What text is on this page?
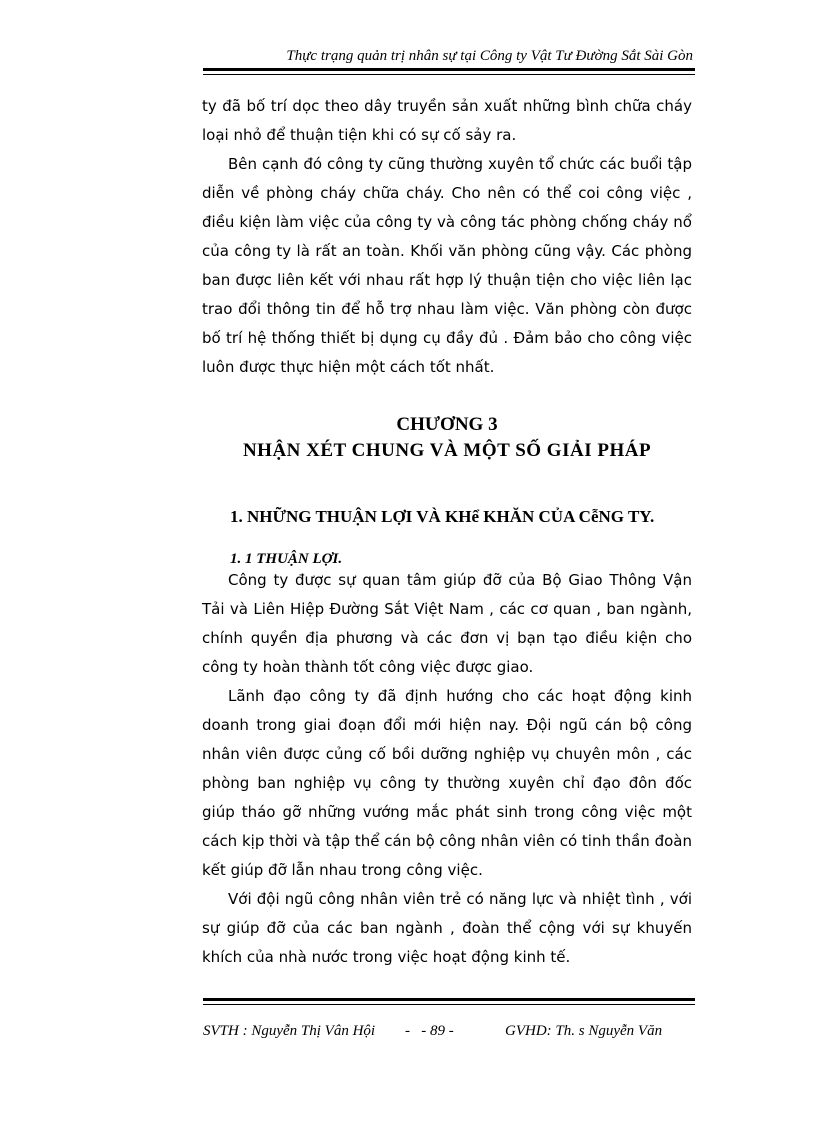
Thực trạng quản trị nhân sự tại Công ty Vật Tư Đường Sắt Sài Gòn

ty đã bố trí dọc theo dây truyền sản xuất những bình chữa cháy loại nhỏ để thuận tiện khi có sự cố sảy ra.

Bên cạnh đó công ty cũng thường xuyên tổ chức các buổi tập diễn về phòng cháy chữa cháy. Cho nên có thể coi công việc , điều kiện làm việc của công ty và công tác phòng chống cháy nổ của công ty là rất an toàn. Khối văn phòng cũng vậy. Các phòng ban được liên kết với nhau rất hợp lý thuận tiện cho việc liên lạc trao đổi thông tin để hỗ trợ nhau làm việc. Văn phòng còn được bố trí hệ thống thiết bị dụng cụ đầy đủ . Đảm bảo cho công việc luôn được thực hiện một cách tốt nhất.

CHƯƠNG 3
NHẬN XÉT CHUNG VÀ MỘT SỐ GIẢI PHÁP
1. NHỮNG THUẬN LỢI VÀ KHể KHĂN CỦA CễNG TY.
1. 1 THUẬN LỢI.

Công ty được sự quan tâm giúp đỡ của Bộ Giao Thông Vận Tải và Liên Hiệp Đường Sắt Việt Nam , các cơ quan , ban ngành, chính quyền địa phương và các đơn vị bạn tạo điều kiện cho công ty hoàn thành tốt công việc được giao.

Lãnh đạo công ty đã định hướng cho các hoạt động kinh doanh trong giai đoạn đổi mới hiện nay. Đội ngũ cán bộ công nhân viên được củng cố bồi dưỡng nghiệp vụ chuyên môn , các phòng ban nghiệp vụ công ty thường xuyên chỉ đạo đôn đốc giúp tháo gỡ những vướng mắc phát sinh trong công việc một cách kịp thời và tập thể cán bộ công nhân viên có tinh thần đoàn kết giúp đỡ lẫn nhau trong công việc.

Với đội ngũ công nhân viên trẻ có năng lực và nhiệt tình , với sự giúp đỡ của các ban ngành , đoàn thể cộng với sự khuyến khích của nhà nước trong việc hoạt động kinh tế.

SVTH : Nguyễn Thị Vân Hội	-   - 89 -	GVHD: Th. s Nguyễn Văn
